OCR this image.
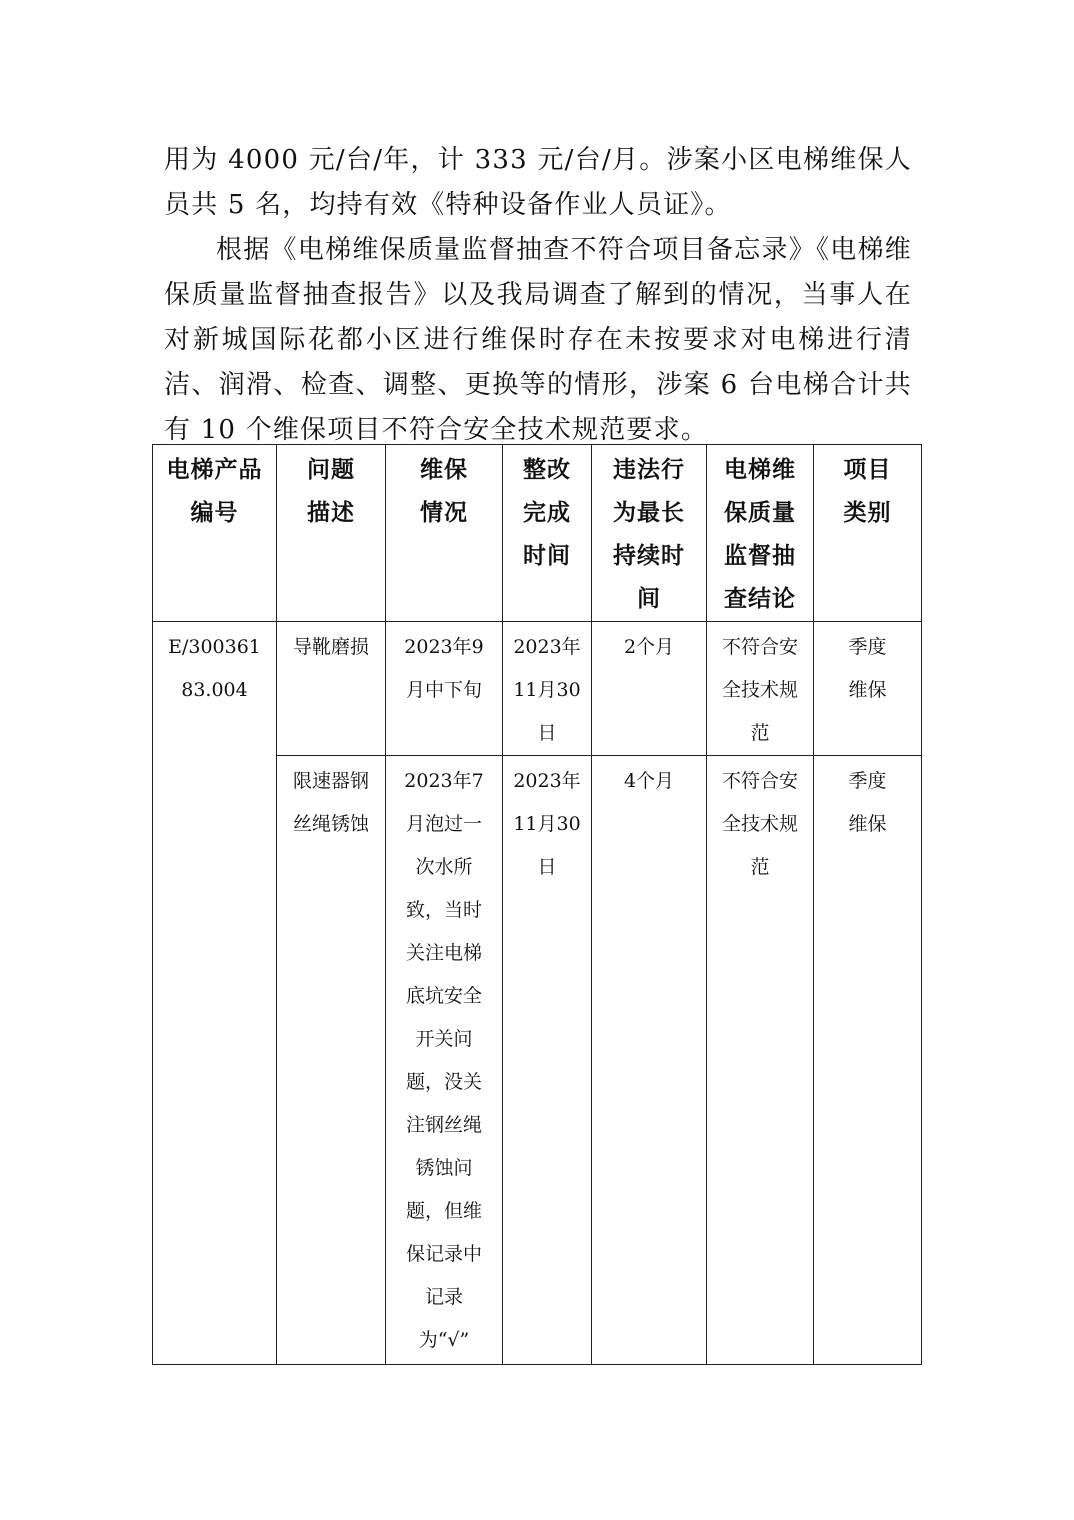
用为 4000 元/台/年，计 333 元/台/月。涉案小区电梯维保人员共 5 名，均持有效《特种设备作业人员证》。

根据《电梯维保质量监督抽查不符合项目备忘录》《电梯维保质量监督抽查报告》以及我局调查了解到的情况，当事人在对新城国际花都小区进行维保时存在未按要求对电梯进行清洁、润滑、检查、调整、更换等的情形，涉案 6 台电梯合计共有 10 个维保项目不符合安全技术规范要求。

电梯产品编号	问题描述	维保情况	整改完成时间	违法行为最长持续时间	电梯维保质量监督抽查结论	项目类别

E/30036183.004	导靴磨损	2023年9月中下旬	2023年11月30日	2个月	不符合安全技术规范	季度维保

	限速器钢丝绳锈蚀	2023年7月泡过一次水所致，当时关注电梯底坑安全开关问题，没关注钢丝绳锈蚀问题，但维保记录中记录为“√”	2023年11月30日	4个月	不符合安全技术规范	季度维保
